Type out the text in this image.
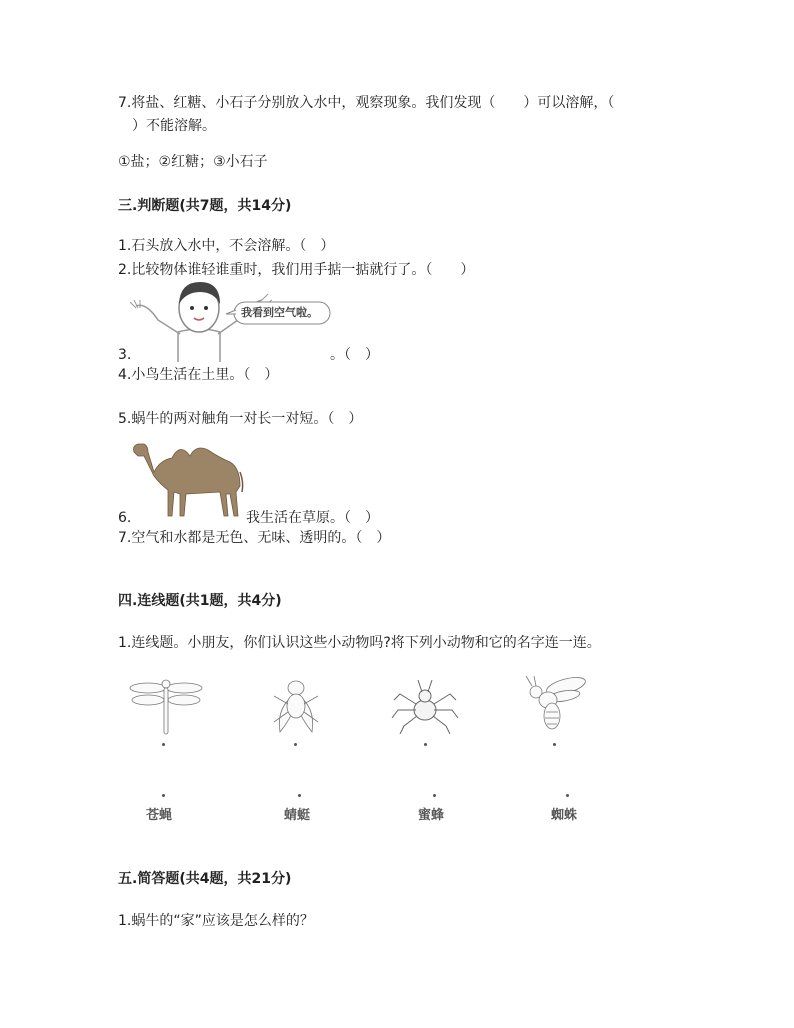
7.将盐、红糖、小石子分别放入水中，观察现象。我们发现（　　）可以溶解，（
　）不能溶解。
①盐；②红糖；③小石子
三.判断题(共7题，共14分)
1.石头放入水中，不会溶解。（　）
2.比较物体谁轻谁重时，我们用手掂一掂就行了。（　　）
我看到空气啦。
3.	。（　）
4.小鸟生活在土里。（　）
5.蜗牛的两对触角一对长一对短。（　）
6.	我生活在草原。（　）
7.空气和水都是无色、无味、透明的。（　）
四.连线题(共1题，共4分)
1.连线题。小朋友，你们认识这些小动物吗?将下列小动物和它的名字连一连。
苍蝇	蜻蜓	蜜蜂	蜘蛛
五.简答题(共4题，共21分)
1.蜗牛的“家”应该是怎么样的？
